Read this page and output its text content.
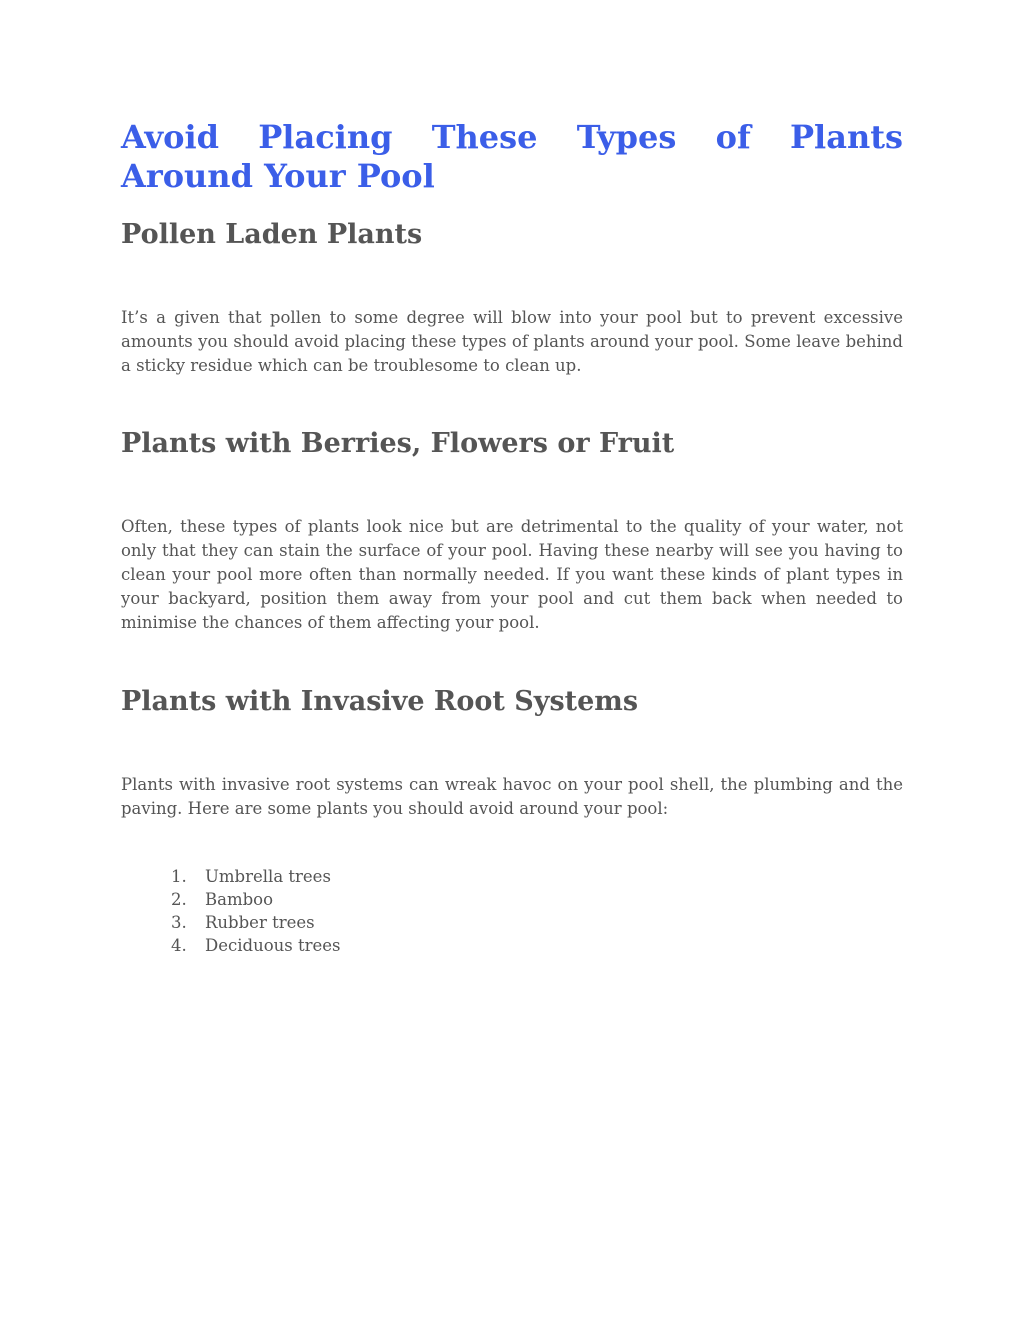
Avoid Placing These Types of Plants Around Your Pool
Pollen Laden Plants

It’s a given that pollen to some degree will blow into your pool but to prevent excessive amounts you should avoid placing these types of plants around your pool. Some leave behind a sticky residue which can be troublesome to clean up.

Plants with Berries, Flowers or Fruit

Often, these types of plants look nice but are detrimental to the quality of your water, not only that they can stain the surface of your pool. Having these nearby will see you having to clean your pool more often than normally needed. If you want these kinds of plant types in your backyard, position them away from your pool and cut them back when needed to minimise the chances of them affecting your pool.

Plants with Invasive Root Systems

Plants with invasive root systems can wreak havoc on your pool shell, the plumbing and the paving. Here are some plants you should avoid around your pool:

1.	Umbrella trees
2.	Bamboo
3.	Rubber trees
4.	Deciduous trees
